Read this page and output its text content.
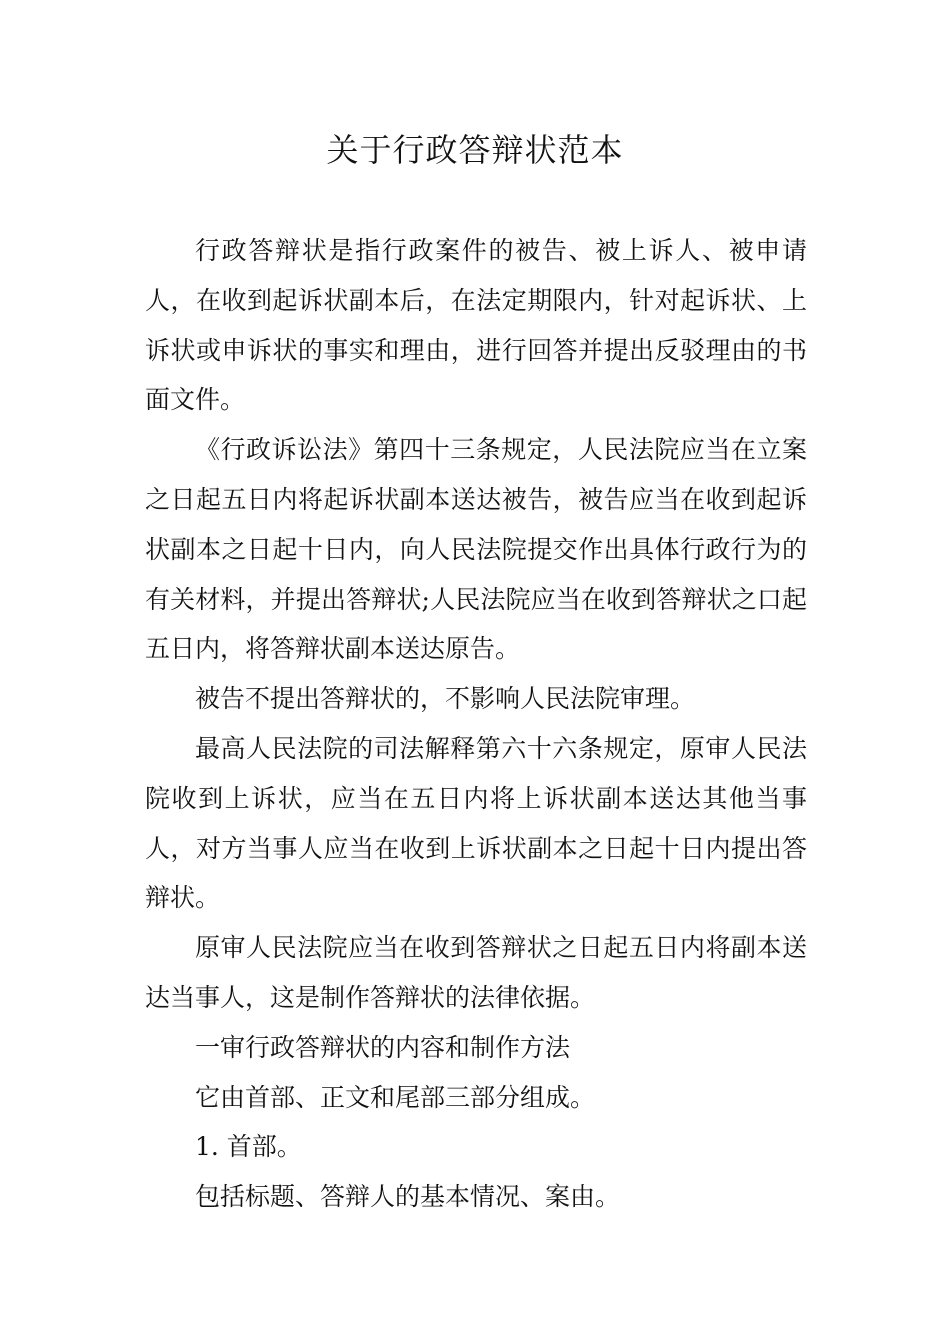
关于行政答辩状范本

行政答辩状是指行政案件的被告、被上诉人、被申请人，在收到起诉状副本后，在法定期限内，针对起诉状、上诉状或申诉状的事实和理由，进行回答并提出反驳理由的书面文件。

《行政诉讼法》第四十三条规定，人民法院应当在立案之日起五日内将起诉状副本送达被告，被告应当在收到起诉状副本之日起十日内，向人民法院提交作出具体行政行为的有关材料，并提出答辩状;人民法院应当在收到答辩状之口起五日内，将答辩状副本送达原告。

被告不提出答辩状的，不影响人民法院审理。

最高人民法院的司法解释第六十六条规定，原审人民法院收到上诉状，应当在五日内将上诉状副本送达其他当事人，对方当事人应当在收到上诉状副本之日起十日内提出答辩状。

原审人民法院应当在收到答辩状之日起五日内将副本送达当事人，这是制作答辩状的法律依据。

一审行政答辩状的内容和制作方法

它由首部、正文和尾部三部分组成。

1. 首部。

包括标题、答辩人的基本情况、案由。
